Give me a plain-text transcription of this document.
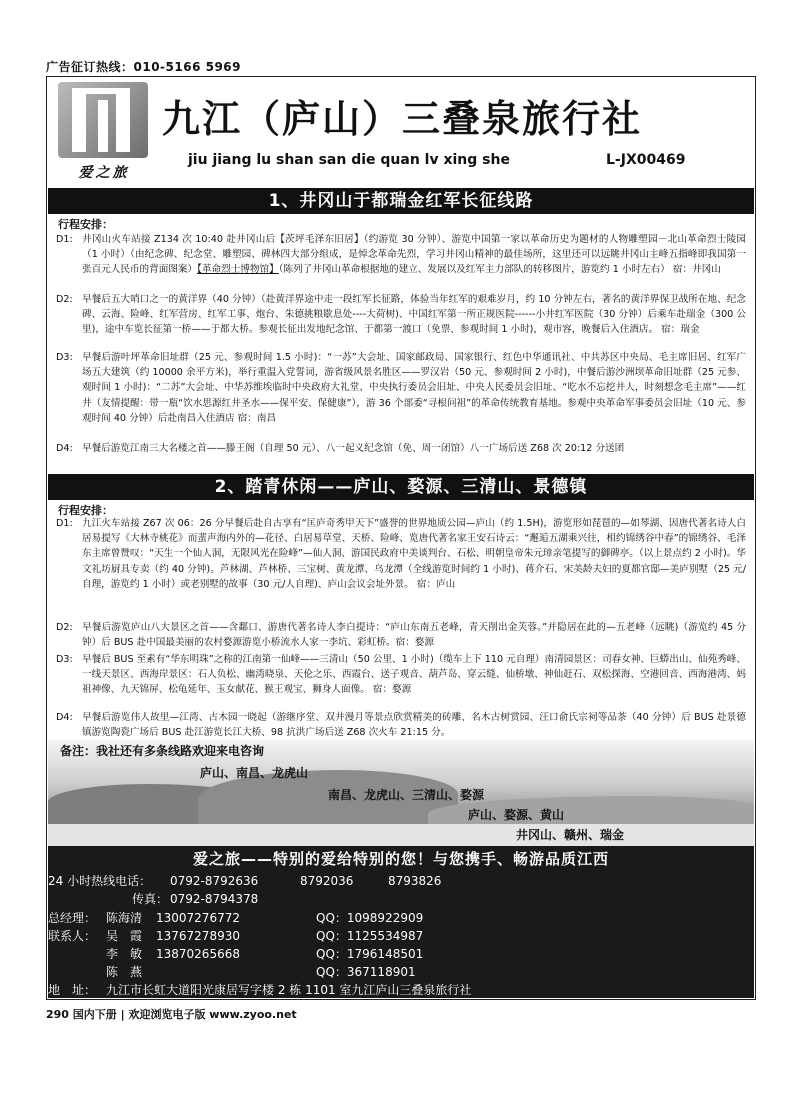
广告征订热线：010-5166 5969
爱之旅
九江（庐山）三叠泉旅行社
jiu jiang lu shan san die quan lv xing she	L-JX00469
1、井冈山于都瑞金红军长征线路
行程安排：
D1: 井冈山火车站接 Z134 次 10:40 赴井冈山后【茨坪毛泽东旧居】（约游览 30 分钟）、游览中国第一家以革命历史为题材的人物雕塑园－北山革命烈士陵园（1 小时）（由纪念碑、纪念堂、雕塑园、碑林四大部分组成，是悼念革命先烈，学习井冈山精神的最佳场所，这里还可以远眺井冈山主峰五指峰即我国第一张百元人民币的背面图案）【革命烈士博物馆】（陈列了井冈山革命根据地的建立、发展以及红军主力部队的转移图片，游览约 1 小时左右） 宿：井冈山
D2: 早餐后五大哨口之一的黄洋界（40 分钟）（赴黄洋界途中走一段红军长征路，体验当年红军的艰难岁月，约 10 分钟左右，著名的黄洋界保卫战所在地、纪念碑、云海、险峰、红军营房、红军工事、炮台、朱德挑粮歇息处----大荷树)、中国红军第一所正规医院------小井红军医院（30 分钟）后乘车赴瑞金（300 公里)，途中车览长征第一桥——于都大桥。参观长征出发地纪念馆、于都第一渡口（免票、参观时间 1 小时)，观市容，晚餐后入住酒店。 宿：瑞金
D3: 早餐后游叶坪革命旧址群（25 元、参观时间 1.5 小时)：“一苏”大会址、国家邮政局、国家银行、红色中华通讯社、中共苏区中央局、毛主席旧居、红军广场五大建筑（约 10000 余平方米)，举行重温入党誓词，游省级风景名胜区——罗汉岩（50 元、参观时间 2 小时)，中餐后游沙洲坝革命旧址群（25 元参、观时间 1 小时)：“二苏”大会址、中华苏维埃临时中央政府大礼堂、中央执行委员会旧址、中央人民委员会旧址、“吃水不忘挖井人，时刻想念毛主席”——红井（友情提醒：带一瓶“饮水思源红井圣水——保平安、保健康”），游 36 个部委“寻根问祖”的革命传统教育基地。参观中央革命军事委员会旧址（10 元、参观时间 40 分钟）后赴南昌入住酒店 宿：南昌
D4: 早餐后游览江南三大名楼之首——滕王阁（自理 50 元）、八一起义纪念馆（免、周一闭馆）八一广场后送 Z68 次 20:12 分送团
2、踏青休闲——庐山、婺源、三清山、景德镇
行程安排：
D1: 九江火车站接 Z67 次 06：26 分早餐后赴自古享有“匡庐奇秀甲天下”盛誉的世界地质公园—庐山（约 1.5H)，游览形如琵琶的—如琴湖、因唐代著名诗人白居易提写《大林寺桃花》而蜚声海内外的—花径、白居易草堂、天桥、险峰、览唐代著名家王安石诗云：“邂逅五湖乘兴往，相约锦绣谷中春”的锦绣谷、毛泽东主席曾赞叹：“天生一个仙人洞，无限风光在险峰”—仙人洞、游国民政府中美谈判台、石松、明朝皇帝朱元璋亲笔提写的御碑亭。（以上景点约 2 小时)。华文礼坊厨具专卖（约 40 分钟)。芦林湖、芦林桥、三宝树、黄龙潭、乌龙潭（全线游览时间约 1 小时)、蒋介石、宋美龄夫妇的夏都官邸—美庐别墅（25 元/自理，游览约 1 小时）或老别墅的故事（30 元/人自理)、庐山会议会址外景。 宿：庐山
D2: 早餐后游览庐山八大景区之首——含鄱口、游唐代著名诗人李白提诗：“庐山东南五老峰，青天削出金芙蓉。”并隐居在此的—五老峰（远眺)（游览约 45 分钟）后 BUS 赴中国最美丽的农村婺源游览小桥流水人家一李坑、彩虹桥。宿：婺源
D3: 早餐后 BUS 至素有“华东明珠”之称的江南第一仙峰——三清山（50 公里、1 小时)（缆车上下 110 元自理）南清园景区：司春女神、巨蟒出山、仙苑秀峰、一线天景区、西海岸景区：石人负松、幽湾晓泉、天伦之乐、西霞台、送子观音、葫芦岛、穿云缝、仙桥墩、神仙赶石、双松探海、空港回音、西海港湾、妈祖神像、九天锦屏、松龟延年、玉女献花、猴王观宝、狮身人面像。 宿：婺源
D4: 早餐后游览伟人故里—江湾、古木园一晓起（游继序堂、双井漫月等景点欣赏精美的砖雕、名木古树赏园、汪口俞氏宗祠等品茶（40 分钟）后 BUS 赴景德镇游览陶瓷广场后 BUS 赴江游览长江大桥、98 抗洪广场后送 Z68 次火车 21:15 分。
备注：我社还有多条线路欢迎来电咨询
庐山、南昌、龙虎山
南昌、龙虎山、三清山、婺源
庐山、婺源、黄山
井冈山、赣州、瑞金
爱之旅——特别的爱给特别的您！与您携手、畅游品质江西
24 小时热线电话： 0792-8792636	8792036	8793826
传真： 0792-8794378
总经理： 陈海清 13007276772	QQ：1098922909
联系人： 吴　霞 13767278930	QQ：1125534987
李　敏 13870265668	QQ：1796148501
陈　燕	QQ：367118901
地　址： 九江市长虹大道阳光康居写字楼 2 栋 1101 室九江庐山三叠泉旅行社
290 国内下册 | 欢迎浏览电子版 www.zyoo.net
